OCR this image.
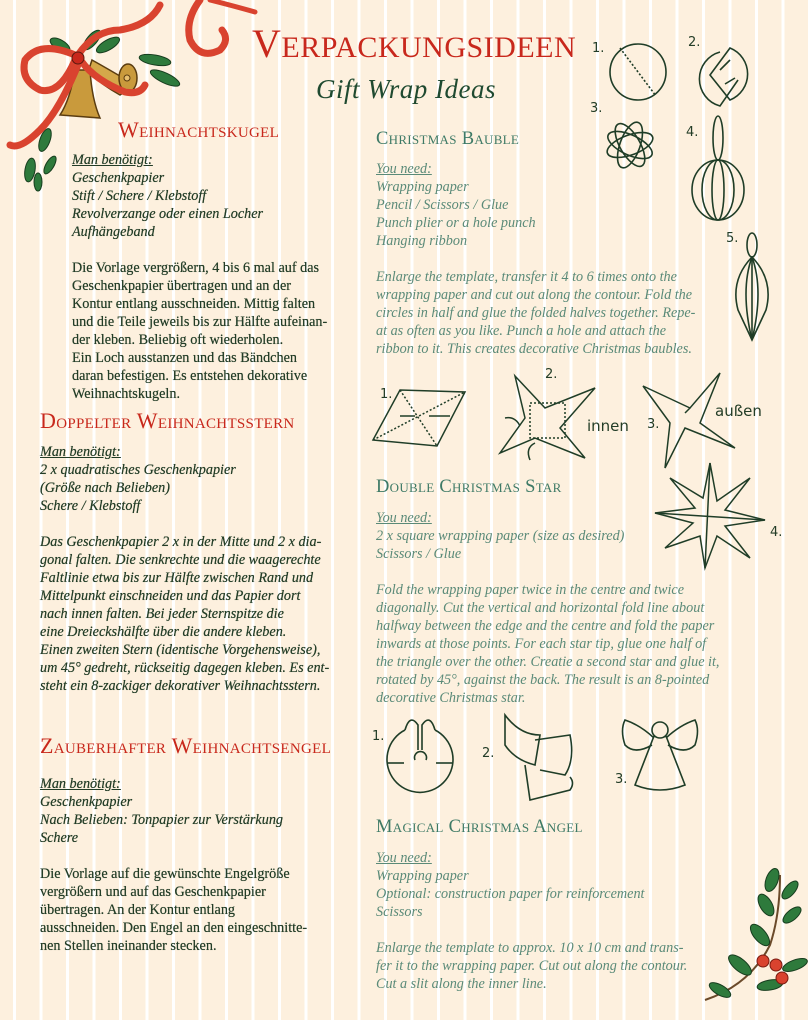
VERPACKUNGSIDEEN
Gift Wrap Ideas
Weihnachtskugel
Man benötigt:
Geschenkpapier
Stift / Schere / Klebstoff
Revolverzange oder einen Locher
Aufhängeband
Die Vorlage vergrößern, 4 bis 6 mal auf das
Geschenkpapier übertragen und an der
Kontur entlang ausschneiden. Mittig falten
und die Teile jeweils bis zur Hälfte aufeinan-
der kleben. Beliebig oft wiederholen.
Ein Loch ausstanzen und das Bändchen
daran befestigen. Es entstehen dekorative
Weihnachtskugeln.
Doppelter Weihnachtsstern
Man benötigt:
2 x quadratisches Geschenkpapier
(Größe nach Belieben)
Schere / Klebstoff
Das Geschenkpapier 2 x in der Mitte und 2 x dia-
gonal falten. Die senkrechte und die waagerechte
Faltlinie etwa bis zur Hälfte zwischen Rand und
Mittelpunkt einschneiden und das Papier dort
nach innen falten. Bei jeder Sternspitze die
eine Dreieckshälfte über die andere kleben.
Einen zweiten Stern (identische Vorgehensweise),
um 45° gedreht, rückseitig dagegen kleben. Es ent-
steht ein 8-zackiger dekorativer Weihnachtsstern.
Zauberhafter Weihnachtsengel
Man benötigt:
Geschenkpapier
Nach Belieben: Tonpapier zur Verstärkung
Schere
Die Vorlage auf die gewünschte Engelgröße
vergrößern und auf das Geschenkpapier
übertragen. An der Kontur entlang
ausschneiden. Den Engel an den eingeschnitte-
nen Stellen ineinander stecken.
Christmas Bauble
You need:
Wrapping paper
Pencil / Scissors / Glue
Punch plier or a hole punch
Hanging ribbon
Enlarge the template, transfer it 4 to 6 times onto the
wrapping paper and cut out along the contour. Fold the
circles in half and glue the folded halves together. Repe-
at as often as you like. Punch a hole and attach the
ribbon to it. This creates decorative Christmas baubles.
Double Christmas Star
You need:
2 x square wrapping paper (size as desired)
Scissors / Glue
Fold the wrapping paper twice in the centre and twice
diagonally. Cut the vertical and horizontal fold line about
halfway between the edge and the centre and fold the paper
inwards at those points. For each star tip, glue one half of
the triangle over the other. Creatie a second star and glue it,
rotated by 45°, against the back. The result is an 8-pointed
decorative Christmas star.
Magical Christmas Angel
You need:
Wrapping paper
Optional: construction paper for reinforcement
Scissors
Enlarge the template to approx. 10 x 10 cm and trans-
fer it to the wrapping paper. Cut out along the contour.
Cut a slit along the inner line.
1.	2.
3.
4.
5.
1.
2.
innen 3.
außen
4.
1.
2.
3.
